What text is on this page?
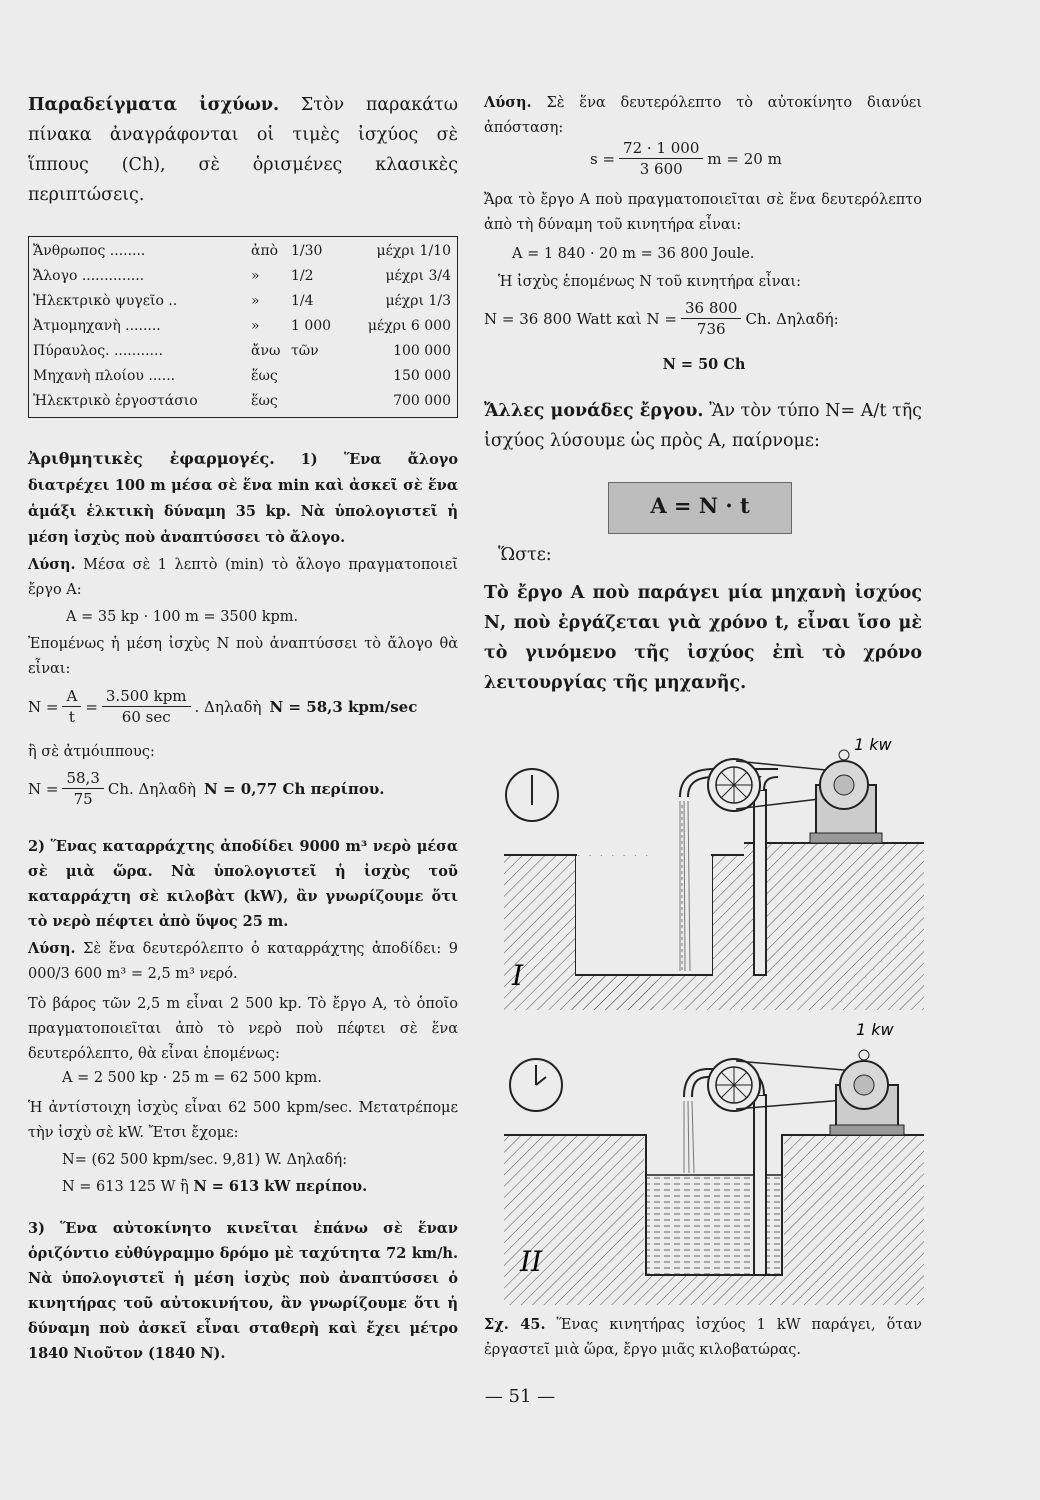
Παραδείγματα ἰσχύων. Στὸν παρακάτω πίνακα ἀναγράφονται οἱ τιμὲς ἰσχύος σὲ ἵππους (Ch), σὲ ὁρισμένες κλασικὲς περιπτώσεις.

Ἄνθρωπος ........	ἀπὸ 1/30	μέχρι 1/10
Ἄλογο ..............	»	1/2	μέχρι 3/4
Ἠλεκτρικὸ ψυγεῖο ..	»	1/4	μέχρι 1/3
Ἀτμομηχανὴ ........	»	1 000	μέχρι 6 000
Πύραυλος. ...........	ἄνω τῶν	100 000
Μηχανὴ πλοίου ......	ἕως	150 000
Ἠλεκτρικὸ ἐργοστάσιο	ἕως	700 000

Ἀριθμητικὲς ἐφαρμογές. 1) Ἕνα ἄλογο διατρέχει 100 m μέσα σὲ ἕνα min καὶ ἀσκεῖ σὲ ἕνα ἁμάξι ἑλκτικὴ δύναμη 35 kp. Νὰ ὑπολογιστεῖ ἡ μέση ἰσχὺς ποὺ ἀναπτύσσει τὸ ἄλογο.

Λύση. Μέσα σὲ 1 λεπτὸ (min) τὸ ἄλογο πραγματοποιεῖ ἔργο Α:

Α = 35 kp · 100 m = 3500 kpm.

Ἐπομένως ἡ μέση ἰσχὺς Ν ποὺ ἀναπτύσσει τὸ ἄλογο θὰ εἶναι:

$N = \frac{A}{t} = \frac{\text{3.500 kpm}}{60 \sec}$ . Δηλαδὴ Ν = 58,3 kpm/sec

ἢ σὲ ἀτμόιππους:

$N = \frac{58,3}{75} Ch$. Δηλαδὴ Ν = 0,77 Ch περίπου.

2) Ἕνας καταρράχτης ἀποδίδει 9000 m³ νερὸ μέσα σὲ μιὰ ὥρα. Νὰ ὑπολογιστεῖ ἡ ἰσχὺς τοῦ καταρράχτη σὲ κιλοβὰτ (kW), ἂν γνωρίζουμε ὅτι τὸ νερὸ πέφτει ἀπὸ ὕψος 25 m.

Λύση. Σὲ ἕνα δευτερόλεπτο ὁ καταρράχτης ἀποδίδει: 9 000/3 600 m³ = 2,5 m³ νερό.

Τὸ βάρος τῶν 2,5 m εἶναι 2 500 kp. Τὸ ἔργο Α, τὸ ὁποῖο πραγματοποιεῖται ἀπὸ τὸ νερὸ ποὺ πέφτει σὲ ἕνα δευτερόλεπτο, θὰ εἶναι ἑπομένως:

Α = 2 500 kp · 25 m = 62 500 kpm.

Ἡ ἀντίστοιχη ἰσχὺς εἶναι 62 500 kpm/sec. Μετατρέπομε τὴν ἰσχὺ σὲ kW. Ἔτσι ἔχομε:

Ν= (62 500 kpm/sec. 9,81) W. Δηλαδή:

Ν = 613 125 W ἢ Ν = 613 kW περίπου.

3) Ἕνα αὐτοκίνητο κινεῖται ἐπάνω σὲ ἕναν ὁριζόντιο εὐθύγραμμο δρόμο μὲ ταχύτητα 72 km/h. Νὰ ὑπολογιστεῖ ἡ μέση ἰσχὺς ποὺ ἀναπτύσσει ὁ κινητήρας τοῦ αὐτοκινήτου, ἂν γνωρίζουμε ὅτι ἡ δύναμη ποὺ ἀσκεῖ εἶναι σταθερὴ καὶ ἔχει μέτρο 1840 Νιοῦτον (1840 Ν).

Λύση. Σὲ ἕνα δευτερόλεπτο τὸ αὐτοκίνητο διανύει ἀπόσταση:

$s = \frac{72 \cdot 1 000}{3 600}$ m = 20 m

Ἄρα τὸ ἔργο Α ποὺ πραγματοποιεῖται σὲ ἕνα δευτερόλεπτο ἀπὸ τὴ δύναμη τοῦ κινητήρα εἶναι:

Α = 1 840 · 20 m = 36 800 Joule.

Ἡ ἰσχὺς ἑπομένως Ν τοῦ κινητήρα εἶναι:

Ν = 36 800 Watt καὶ $N = \frac{36 800}{736} Ch$. Δηλαδή:

Ν = 50 Ch

Ἄλλες μονάδες ἔργου. Ἂν τὸν τύπο Ν= Α/t τῆς ἰσχύος λύσουμε ὡς πρὸς Α, παίρνομε:

Α = Ν · t

Ὥστε:

Τὸ ἔργο Α ποὺ παράγει μία μηχανὴ ἰσχύος Ν, ποὺ ἐργάζεται γιὰ χρόνο t, εἶναι ἴσο μὲ τὸ γινόμενο τῆς ἰσχύος ἐπὶ τὸ χρόνο λειτουργίας τῆς μηχανῆς.

1 kw
I
1 kw
II

Σχ. 45. Ἕνας κινητήρας ἰσχύος 1 kW παράγει, ὅταν ἐργαστεῖ μιὰ ὥρα, ἔργο μιᾶς κιλοβατώρας.

— 51 —
